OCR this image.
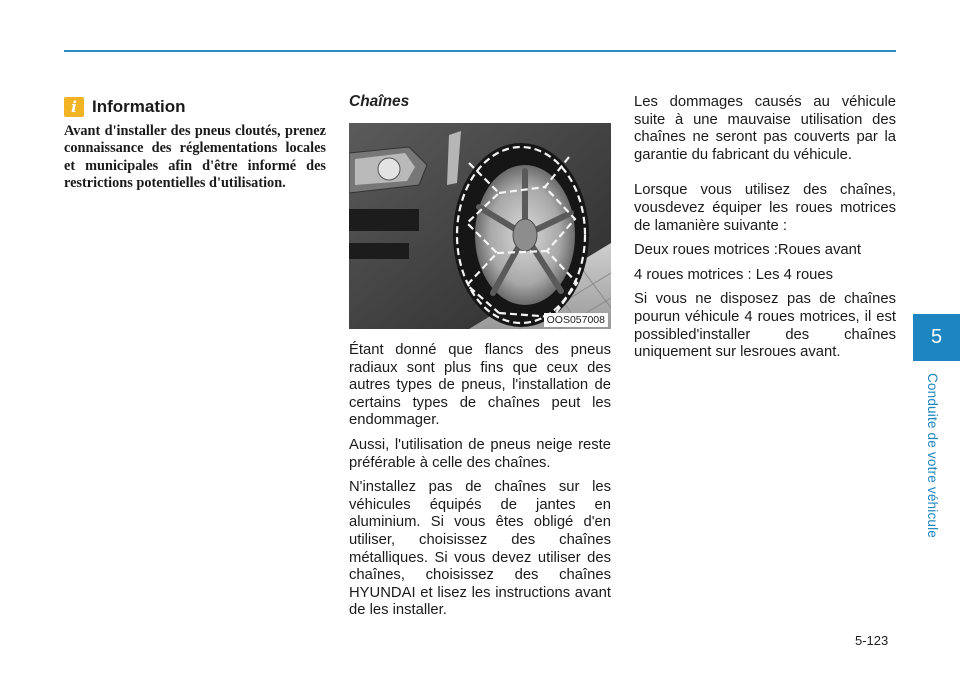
i Information

Avant d'installer des pneus cloutés, prenez connaissance des réglementations locales et municipales afin d'être informé des restrictions potentielles d'utilisation.

Chaînes
OOS057008

Étant donné que flancs des pneus radiaux sont plus fins que ceux des autres types de pneus, l'installation de certains types de chaînes peut les endommager.

Aussi, l'utilisation de pneus neige reste préférable à celle des chaînes.

N'installez pas de chaînes sur les véhicules équipés de jantes en aluminium. Si vous êtes obligé d'en utiliser, choisissez des chaînes métalliques. Si vous devez utiliser des chaînes, choisissez des chaînes HYUNDAI et lisez les instructions avant de les installer.

Les dommages causés au véhicule suite à une mauvaise utilisation des chaînes ne seront pas couverts par la garantie du fabricant du véhicule.

Lorsque vous utilisez des chaînes, vousdevez équiper les roues motrices de lamanière suivante :

Deux roues motrices :Roues avant

4 roues motrices : Les 4 roues

Si vous ne disposez pas de chaînes pourun véhicule 4 roues motrices, il est possibled'installer des chaînes uniquement sur lesroues avant.

5
Conduite de votre véhicule
5-123
